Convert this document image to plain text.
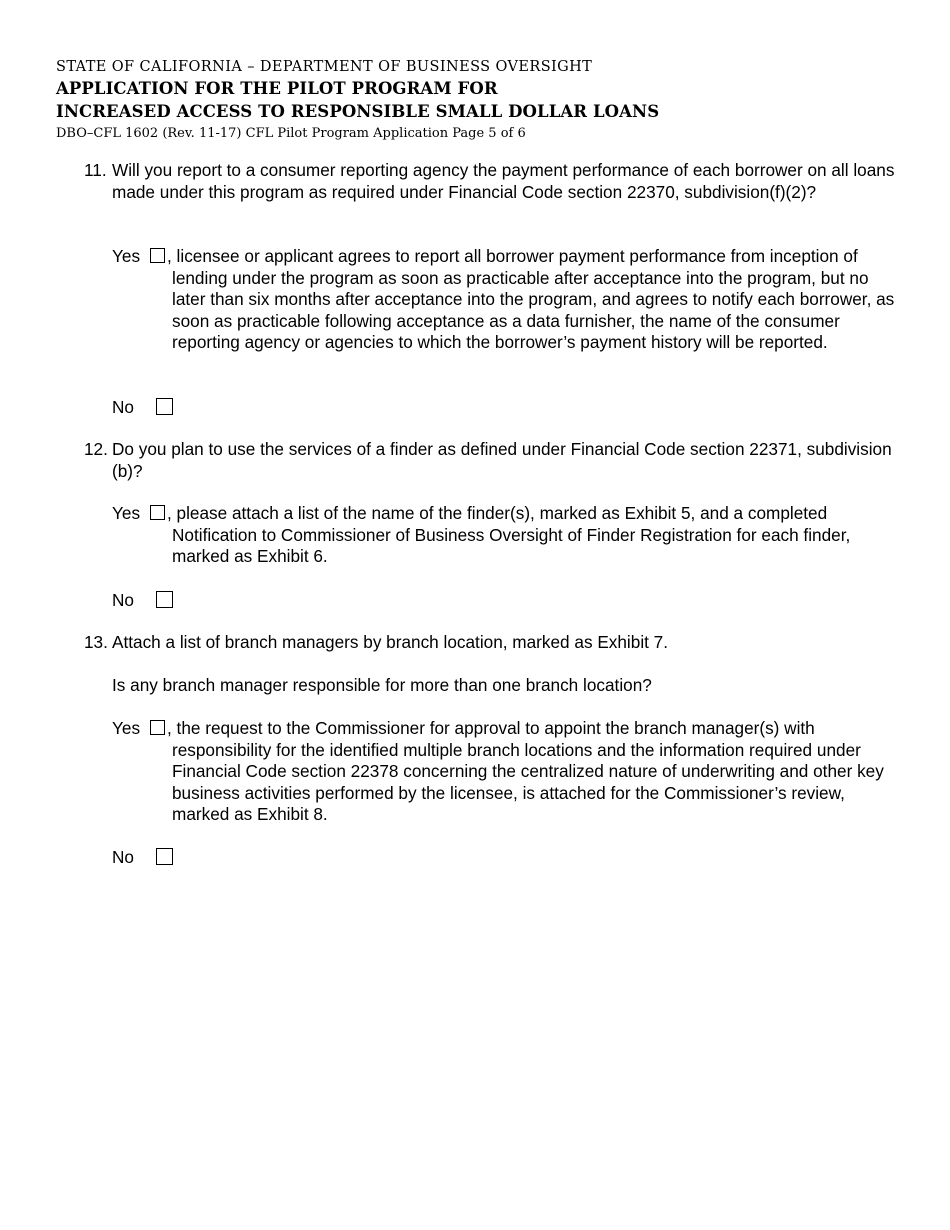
STATE OF CALIFORNIA – DEPARTMENT OF BUSINESS OVERSIGHT
APPLICATION FOR THE PILOT PROGRAM FOR
INCREASED ACCESS TO RESPONSIBLE SMALL DOLLAR LOANS
DBO–CFL 1602 (Rev. 11-17) CFL Pilot Program Application Page 5 of 6
11. Will you report to a consumer reporting agency the payment performance of each borrower on all loans made under this program as required under Financial Code section 22370, subdivision(f)(2)?
Yes , licensee or applicant agrees to report all borrower payment performance from inception of lending under the program as soon as practicable after acceptance into the program, but no later than six months after acceptance into the program, and agrees to notify each borrower, as soon as practicable following acceptance as a data furnisher, the name of the consumer reporting agency or agencies to which the borrower’s payment history will be reported.
No
12. Do you plan to use the services of a finder as defined under Financial Code section 22371, subdivision (b)?
Yes , please attach a list of the name of the finder(s), marked as Exhibit 5, and a completed Notification to Commissioner of Business Oversight of Finder Registration for each finder, marked as Exhibit 6.
No
13. Attach a list of branch managers by branch location, marked as Exhibit 7.
Is any branch manager responsible for more than one branch location?
Yes , the request to the Commissioner for approval to appoint the branch manager(s) with responsibility for the identified multiple branch locations and the information required under Financial Code section 22378 concerning the centralized nature of underwriting and other key business activities performed by the licensee, is attached for the Commissioner’s review, marked as Exhibit 8.
No
